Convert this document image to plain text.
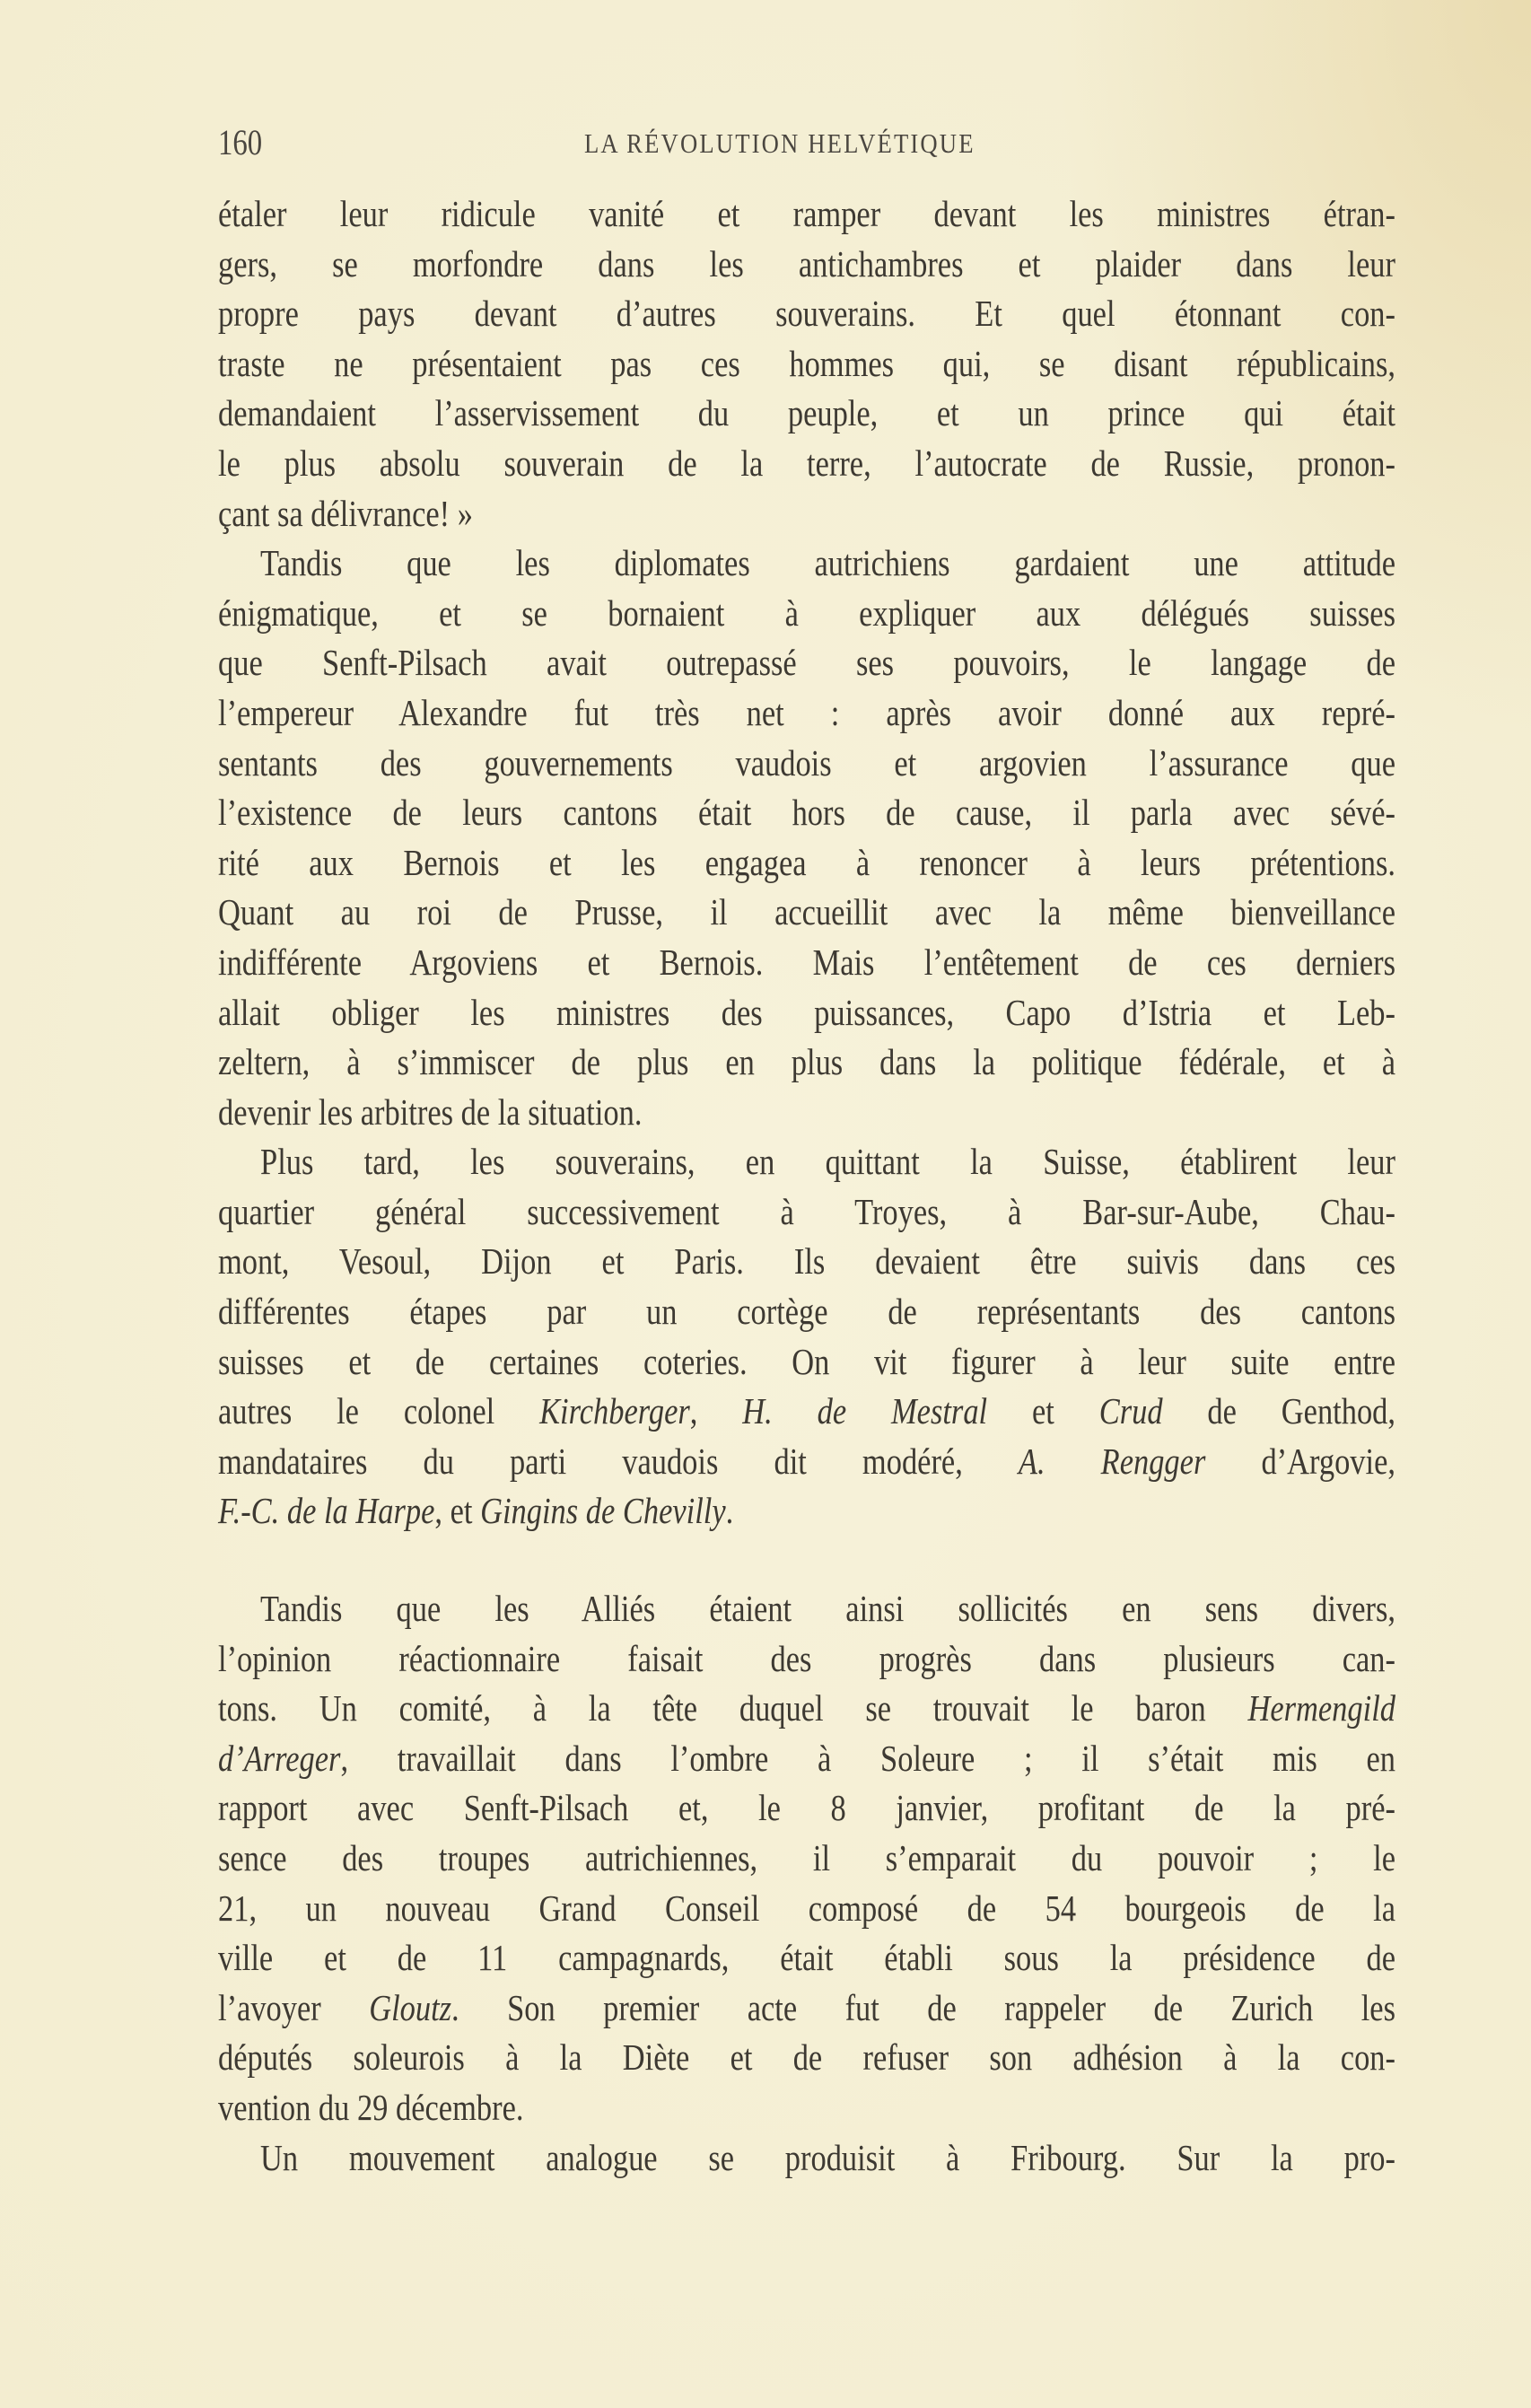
160	LA RÉVOLUTION HELVÉTIQUE
étaler leur ridicule vanité et ramper devant les ministres étran-
gers, se morfondre dans les antichambres et plaider dans leur
propre pays devant d’autres souverains. Et quel étonnant con-
traste ne présentaient pas ces hommes qui, se disant républicains,
demandaient l’asservissement du peuple, et un prince qui était
le plus absolu souverain de la terre, l’autocrate de Russie, pronon-
çant sa délivrance! »
Tandis que les diplomates autrichiens gardaient une attitude
énigmatique, et se bornaient à expliquer aux délégués suisses
que Senft-Pilsach avait outrepassé ses pouvoirs, le langage de
l’empereur Alexandre fut très net : après avoir donné aux repré-
sentants des gouvernements vaudois et argovien l’assurance que
l’existence de leurs cantons était hors de cause, il parla avec sévé-
rité aux Bernois et les engagea à renoncer à leurs prétentions.
Quant au roi de Prusse, il accueillit avec la même bienveillance
indifférente Argoviens et Bernois. Mais l’entêtement de ces derniers
allait obliger les ministres des puissances, Capo d’Istria et Leb-
zeltern, à s’immiscer de plus en plus dans la politique fédérale, et à
devenir les arbitres de la situation.
Plus tard, les souverains, en quittant la Suisse, établirent leur
quartier général successivement à Troyes, à Bar-sur-Aube, Chau-
mont, Vesoul, Dijon et Paris. Ils devaient être suivis dans ces
différentes étapes par un cortège de représentants des cantons
suisses et de certaines coteries. On vit figurer à leur suite entre
autres le colonel Kirchberger, H. de Mestral et Crud de Genthod,
mandataires du parti vaudois dit modéré, A. Rengger d’Argovie,
F.-C. de la Harpe, et Gingins de Chevilly.
Tandis que les Alliés étaient ainsi sollicités en sens divers,
l’opinion réactionnaire faisait des progrès dans plusieurs can-
tons. Un comité, à la tête duquel se trouvait le baron Hermengild
d’Arreger, travaillait dans l’ombre à Soleure ; il s’était mis en
rapport avec Senft-Pilsach et, le 8 janvier, profitant de la pré-
sence des troupes autrichiennes, il s’emparait du pouvoir ; le
21, un nouveau Grand Conseil composé de 54 bourgeois de la
ville et de 11 campagnards, était établi sous la présidence de
l’avoyer Gloutz. Son premier acte fut de rappeler de Zurich les
députés soleurois à la Diète et de refuser son adhésion à la con-
vention du 29 décembre.
Un mouvement analogue se produisit à Fribourg. Sur la pro-
